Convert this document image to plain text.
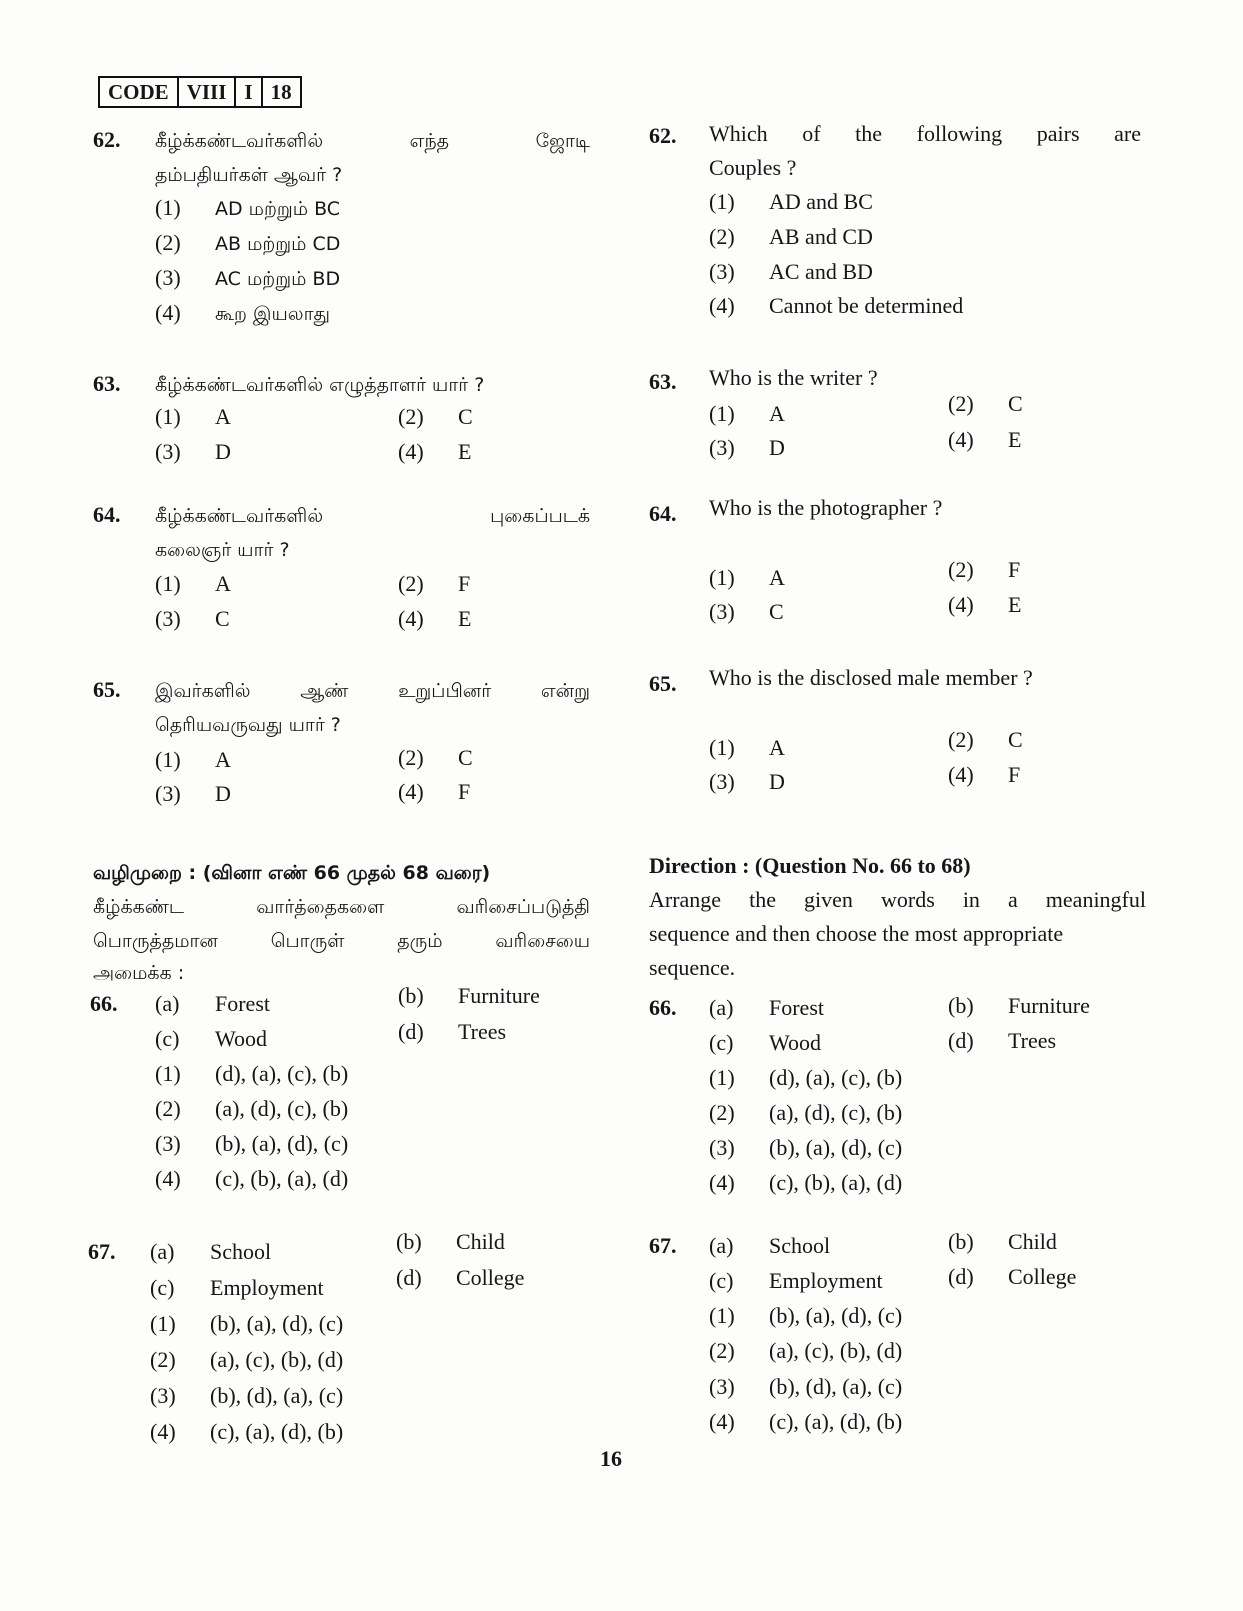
CODE VIII I 18
62. கீழ்க்கண்டவர்களில் எந்த ஜோடி
தம்பதியர்கள் ஆவர் ?
(1) AD மற்றும் BC
(2) AB மற்றும் CD
(3) AC மற்றும் BD
(4) கூற இயலாது
63. கீழ்க்கண்டவர்களில் எழுத்தாளர் யார் ?
(1) A	(2) C
(3) D	(4) E
64. கீழ்க்கண்டவர்களில் புகைப்படக்
கலைஞர் யார் ?
(1) A	(2) F
(3) C	(4) E
65. இவர்களில் ஆண் உறுப்பினர் என்று
தெரியவருவது யார் ?
(1) A	(2) C
(3) D	(4) F
வழிமுறை : (வினா எண் 66 முதல் 68 வரை)
கீழ்க்கண்ட வார்த்தைகளை வரிசைப்படுத்தி
பொருத்தமான பொருள் தரும் வரிசையை
அமைக்க :
66. (a) Forest	(b) Furniture
(c) Wood	(d) Trees
(1) (d), (a), (c), (b)
(2) (a), (d), (c), (b)
(3) (b), (a), (d), (c)
(4) (c), (b), (a), (d)
67. (a) School	(b) Child
(c) Employment	(d) College
(1) (b), (a), (d), (c)
(2) (a), (c), (b), (d)
(3) (b), (d), (a), (c)
(4) (c), (a), (d), (b)
62. Which of the following pairs are
Couples ?
(1) AD and BC
(2) AB and CD
(3) AC and BD
(4) Cannot be determined
63. Who is the writer ?
(1) A	(2) C
(3) D	(4) E
64. Who is the photographer ?
(1) A	(2) F
(3) C	(4) E
65. Who is the disclosed male member ?
(1) A	(2) C
(3) D	(4) F
Direction : (Question No. 66 to 68)
Arrange the given words in a meaningful
sequence and then choose the most appropriate
sequence.
66. (a) Forest	(b) Furniture
(c) Wood	(d) Trees
(1) (d), (a), (c), (b)
(2) (a), (d), (c), (b)
(3) (b), (a), (d), (c)
(4) (c), (b), (a), (d)
67. (a) School	(b) Child
(c) Employment	(d) College
(1) (b), (a), (d), (c)
(2) (a), (c), (b), (d)
(3) (b), (d), (a), (c)
(4) (c), (a), (d), (b)
16
